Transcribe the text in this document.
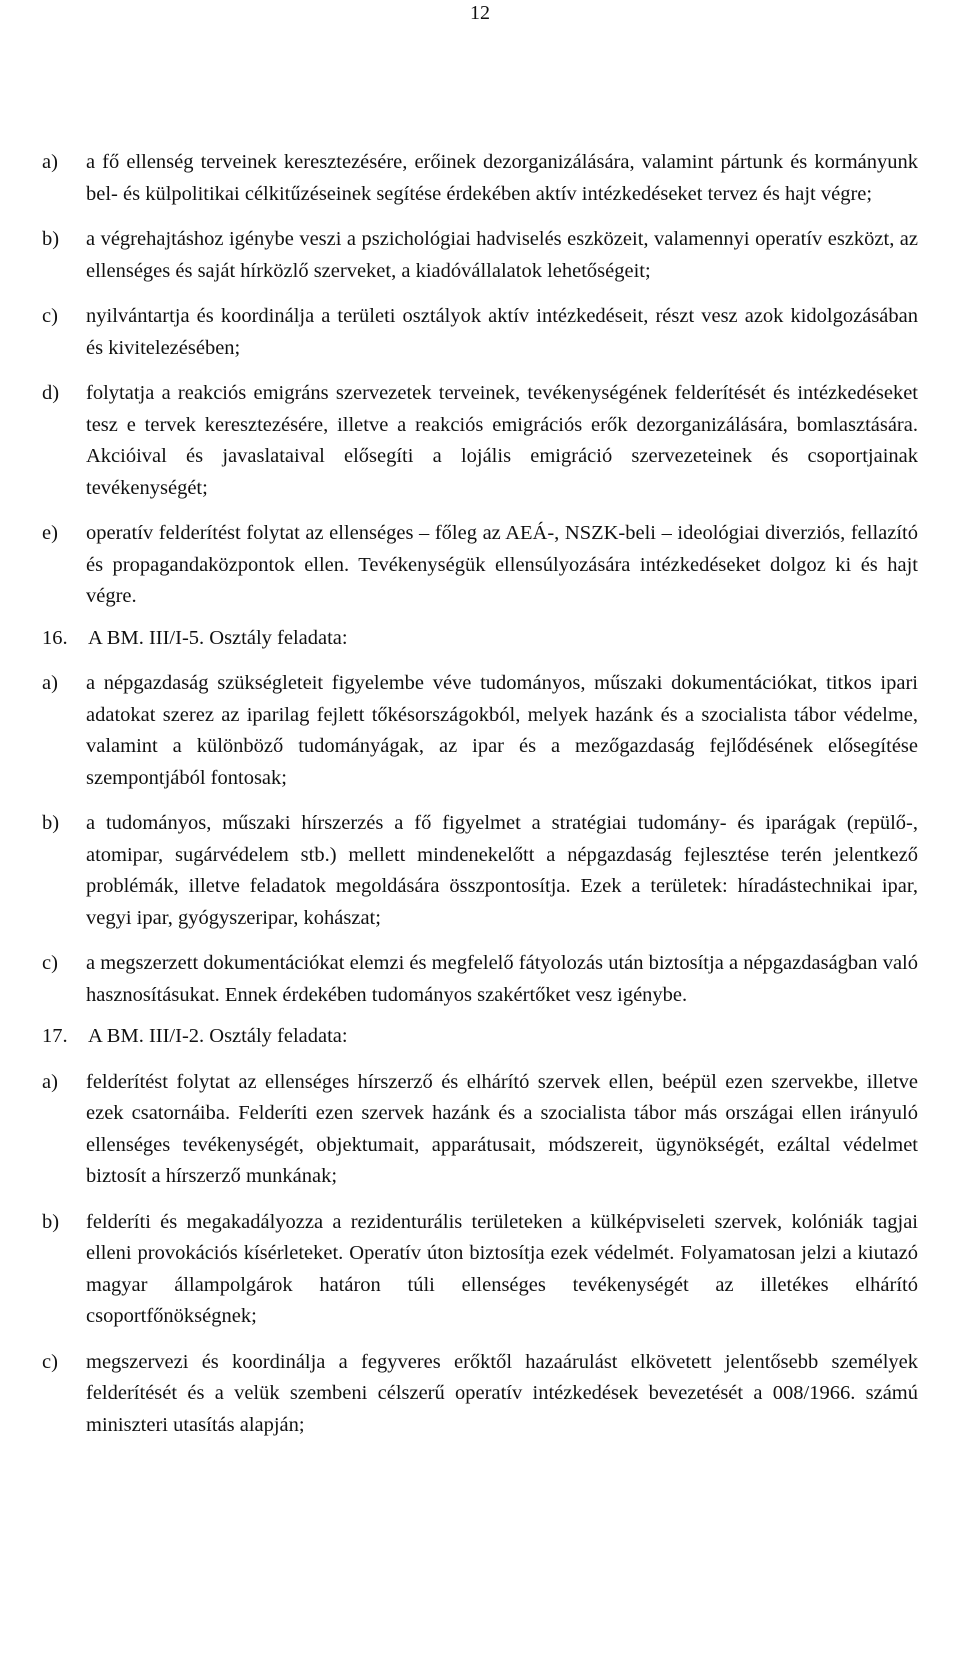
12
a)	a fő ellenség terveinek keresztezésére, erőinek dezorganizálására, valamint pártunk és kormányunk bel- és külpolitikai célkitűzéseinek segítése érdekében aktív intézkedéseket tervez és hajt végre;
b)	a végrehajtáshoz igénybe veszi a pszichológiai hadviselés eszközeit, valamennyi operatív eszközt, az ellenséges és saját hírközlő szerveket, a kiadóvállalatok lehetőségeit;
c)	nyilvántartja és koordinálja a területi osztályok aktív intézkedéseit, részt vesz azok kidolgozásában és kivitelezésében;
d)	folytatja a reakciós emigráns szervezetek terveinek, tevékenységének felderítését és intézkedéseket tesz e tervek keresztezésére, illetve a reakciós emigrációs erők dezorganizálására, bomlasztására. Akcióival és javaslataival elősegíti a lojális emigráció szervezeteinek és csoportjainak tevékenységét;
e)	operatív felderítést folytat az ellenséges – főleg az AEÁ-, NSZK-beli – ideológiai diverziós, fellazító és propagandaközpontok ellen. Tevékenységük ellensúlyozására intézkedéseket dolgoz ki és hajt végre.
16. A BM. III/I-5. Osztály feladata:
a)	a népgazdaság szükségleteit figyelembe véve tudományos, műszaki dokumentációkat, titkos ipari adatokat szerez az iparilag fejlett tőkésországokból, melyek hazánk és a szocialista tábor védelme, valamint a különböző tudományágak, az ipar és a mezőgazdaság fejlődésének elősegítése szempontjából fontosak;
b)	a tudományos, műszaki hírszerzés a fő figyelmet a stratégiai tudomány- és iparágak (repülő-, atomipar, sugárvédelem stb.) mellett mindenekelőtt a népgazdaság fejlesztése terén jelentkező problémák, illetve feladatok megoldására összpontosítja. Ezek a területek: híradástechnikai ipar, vegyi ipar, gyógyszeripar, kohászat;
c)	a megszerzett dokumentációkat elemzi és megfelelő fátyolozás után biztosítja a népgazdaságban való hasznosításukat. Ennek érdekében tudományos szakértőket vesz igénybe.
17. A BM. III/I-2. Osztály feladata:
a)	felderítést folytat az ellenséges hírszerző és elhárító szervek ellen, beépül ezen szervekbe, illetve ezek csatornáiba. Felderíti ezen szervek hazánk és a szocialista tábor más országai ellen irányuló ellenséges tevékenységét, objektumait, apparátusait, módszereit, ügynökségét, ezáltal védelmet biztosít a hírszerző munkának;
b)	felderíti és megakadályozza a rezidenturális területeken a külképviseleti szervek, kolóniák tagjai elleni provokációs kísérleteket. Operatív úton biztosítja ezek védelmét. Folyamatosan jelzi a kiutazó magyar állampolgárok határon túli ellenséges tevékenységét az illetékes elhárító csoportfőnökségnek;
c)	megszervezi és koordinálja a fegyveres erőktől hazaárulást elkövetett jelentősebb személyek felderítését és a velük szembeni célszerű operatív intézkedések bevezetését a 008/1966. számú miniszteri utasítás alapján;
